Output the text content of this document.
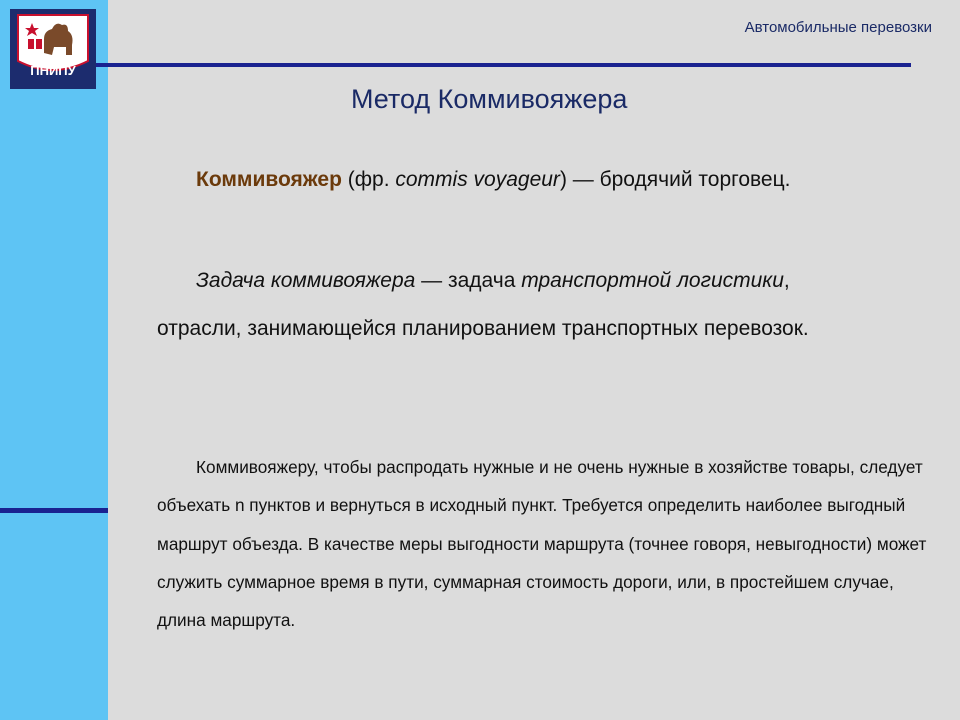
ПНИПУ
Автомобильные перевозки
Метод Коммивояжера

Коммивояжер (фр. commis voyageur) — бродячий торговец.

Задача коммивояжера — задача транспортной логистики, отрасли, занимающейся планированием транспортных перевозок.

Коммивояжеру, чтобы распродать нужные и не очень нужные в хозяйстве товары, следует объехать n пунктов и вернуться в исходный пункт. Требуется определить наиболее выгодный маршрут объезда. В качестве меры выгодности маршрута (точнее говоря, невыгодности) может служить суммарное время в пути, суммарная стоимость дороги, или, в простейшем случае, длина маршрута.
